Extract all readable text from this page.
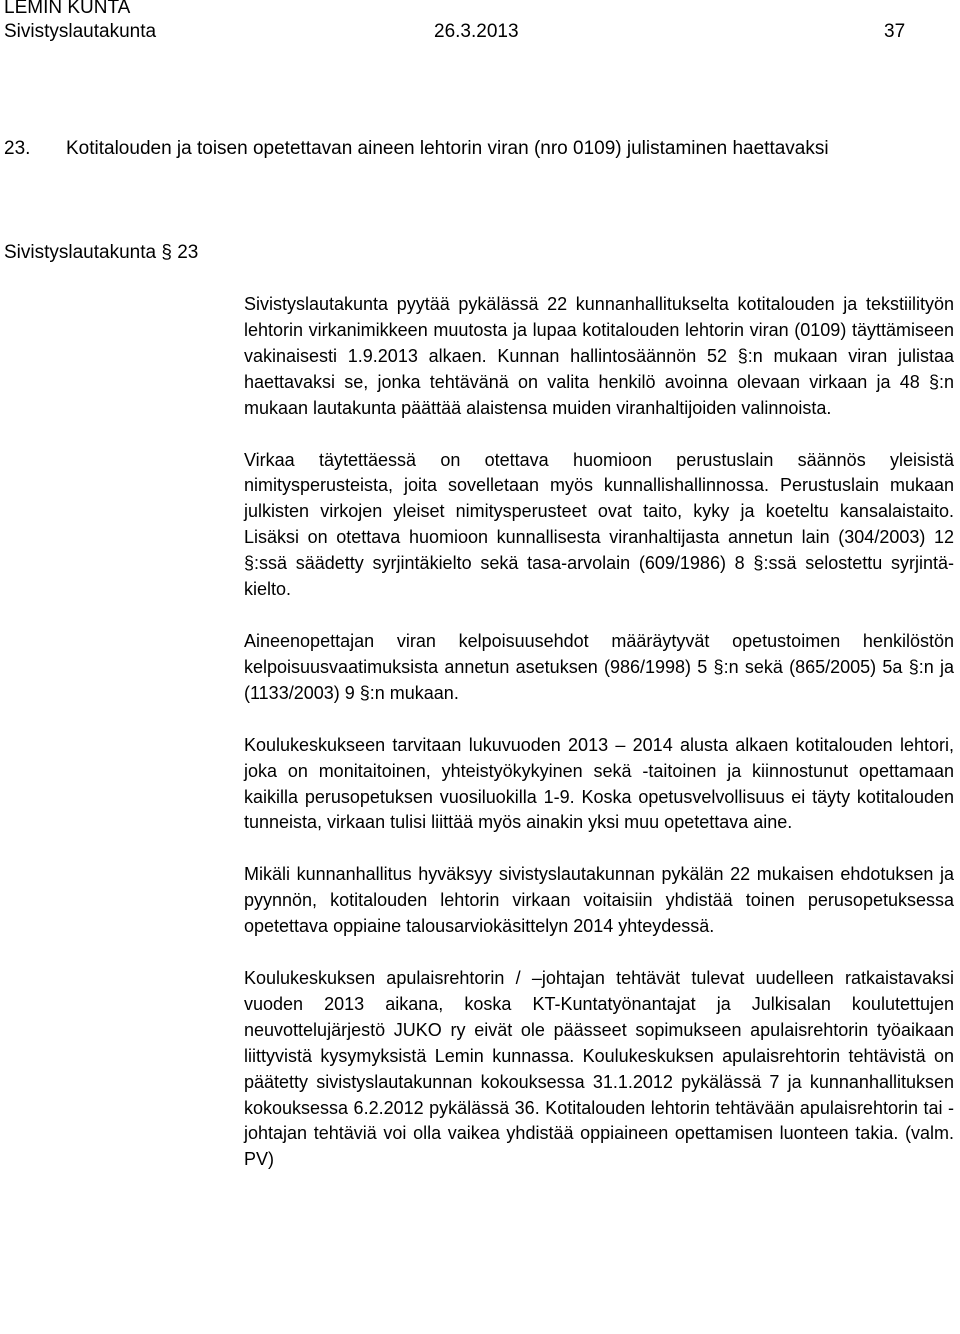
LEMIN KUNTA
Sivistyslautakunta	26.3.2013	37
23. Kotitalouden ja toisen opetettavan aineen lehtorin viran (nro 0109) julistaminen haettavaksi
Sivistyslautakunta § 23

Sivistyslautakunta pyytää pykälässä 22 kunnanhallitukselta kotitalouden ja tekstiilityön lehtorin virkanimikkeen muutosta ja lupaa kotitalouden lehtorin viran (0109) täyttämiseen vakinaisesti 1.9.2013 alkaen. Kunnan hallintosäännön 52 §:n mukaan viran julistaa haettavaksi se, jonka tehtävänä on valita henkilö avoinna olevaan virkaan ja 48 §:n mukaan lautakunta päättää alaistensa muiden viranhaltijoiden valinnoista.

Virkaa täytettäessä on otettava huomioon perustuslain säännös yleisistä nimitysperusteista, joita sovelletaan myös kunnallishallinnossa. Perustuslain mukaan julkisten virkojen yleiset nimitysperusteet ovat taito, kyky ja koeteltu kansalaistaito. Lisäksi on otettava huomioon kunnallisesta viranhaltijasta annetun lain (304/2003) 12 §:ssä säädetty syrjintäkielto sekä tasa-arvolain (609/1986) 8 §:ssä selostettu syrjintäkielto.

Aineenopettajan viran kelpoisuusehdot määräytyvät opetustoimen henkilöstön kelpoisuusvaatimuksista annetun asetuksen (986/1998) 5 §:n sekä (865/2005) 5a §:n ja (1133/2003) 9 §:n mukaan.

Koulukeskukseen tarvitaan lukuvuoden 2013 – 2014 alusta alkaen kotitalouden lehtori, joka on monitaitoinen, yhteistyökykyinen sekä -taitoinen ja kiinnostunut opettamaan kaikilla perusopetuksen vuosiluokilla 1-9. Koska opetusvelvollisuus ei täyty kotitalouden tunneista, virkaan tulisi liittää myös ainakin yksi muu opetettava aine.

Mikäli kunnanhallitus hyväksyy sivistyslautakunnan pykälän 22 mukaisen ehdotuksen ja pyynnön, kotitalouden lehtorin virkaan voitaisiin yhdistää toinen perusopetuksessa opetettava oppiaine talousarviokäsittelyn 2014 yhteydessä.

Koulukeskuksen apulaisrehtorin / –johtajan tehtävät tulevat uudelleen ratkaistavaksi vuoden 2013 aikana, koska KT-Kuntatyönantajat ja Julkisalan koulutettujen neuvottelujärjestö JUKO ry eivät ole päässeet sopimukseen apulaisrehtorin työaikaan liittyvistä kysymyksistä Lemin kunnassa. Koulukeskuksen apulaisrehtorin tehtävistä on päätetty sivistyslautakunnan kokouksessa 31.1.2012 pykälässä 7 ja kunnanhallituksen kokouksessa 6.2.2012 pykälässä 36. Kotitalouden lehtorin tehtävään apulaisrehtorin tai -johtajan tehtäviä voi olla vaikea yhdistää oppiaineen opettamisen luonteen takia. (valm. PV)
